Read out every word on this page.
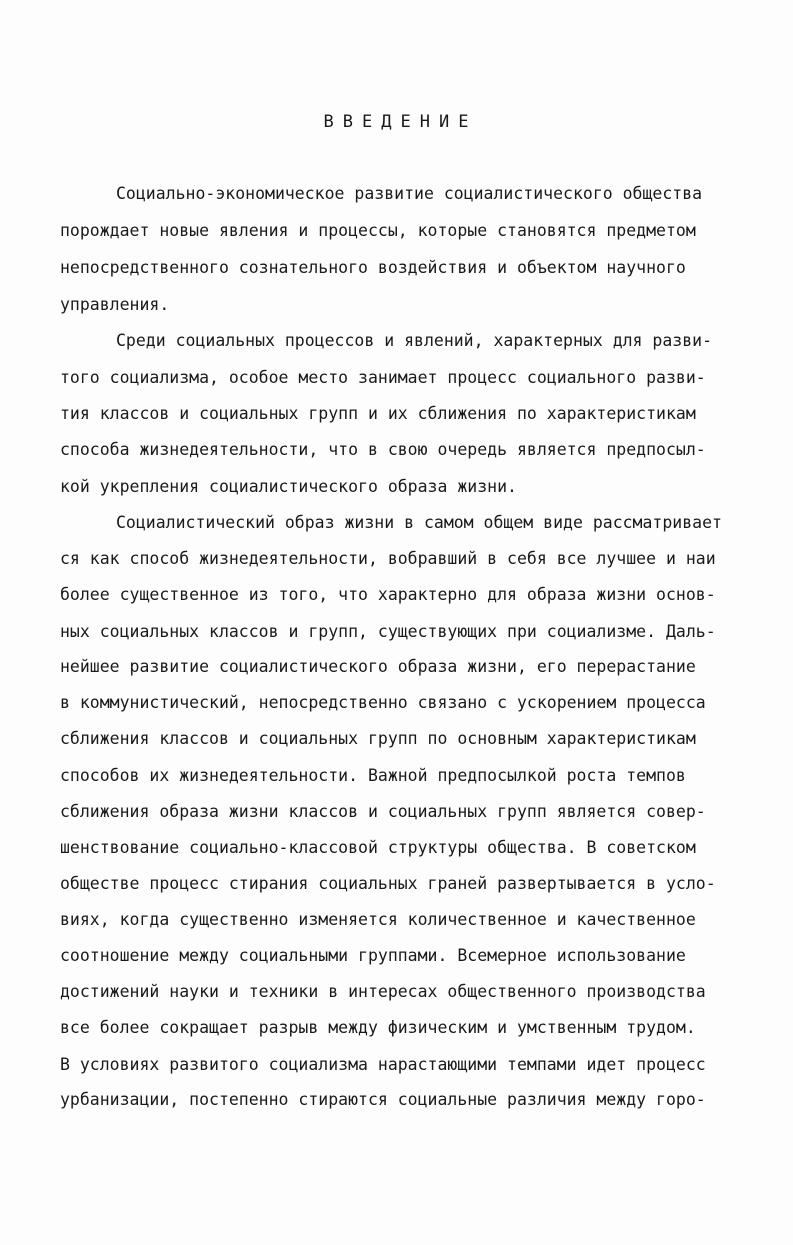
ВВЕДЕНИЕ
Социально-экономическое развитие социалистического общества
порождает новые явления и процессы, которые становятся предметом
непосредственного сознательного воздействия и объектом научного
управления.
Среди социальных процессов и явлений, характерных для разви-
того социализма, особое место занимает процесс социального разви-
тия классов и социальных групп и их сближения по характеристикам
способа жизнедеятельности, что в свою очередь является предпосыл-
кой укрепления социалистического образа жизни.
Социалистический образ жизни в самом общем виде рассматривает
ся как способ жизнедеятельности, вобравший в себя все лучшее и наи
более существенное из того, что характерно для образа жизни основ-
ных социальных классов и групп, существующих при социализме. Даль-
нейшее развитие социалистического образа жизни, его перерастание
в коммунистический, непосредственно связано с ускорением процесса
сближения классов и социальных групп по основным характеристикам
способов их жизнедеятельности. Важной предпосылкой роста темпов
сближения образа жизни классов и социальных групп является совер-
шенствование социально-классовой структуры общества. В советском
обществе процесс стирания социальных граней развертывается в усло-
виях, когда существенно изменяется количественное и качественное
соотношение между социальными группами. Всемерное использование
достижений науки и техники в интересах общественного производства
все более сокращает разрыв между физическим и умственным трудом.
В условиях развитого социализма нарастающими темпами идет процесс
урбанизации, постепенно стираются социальные различия между горо-
